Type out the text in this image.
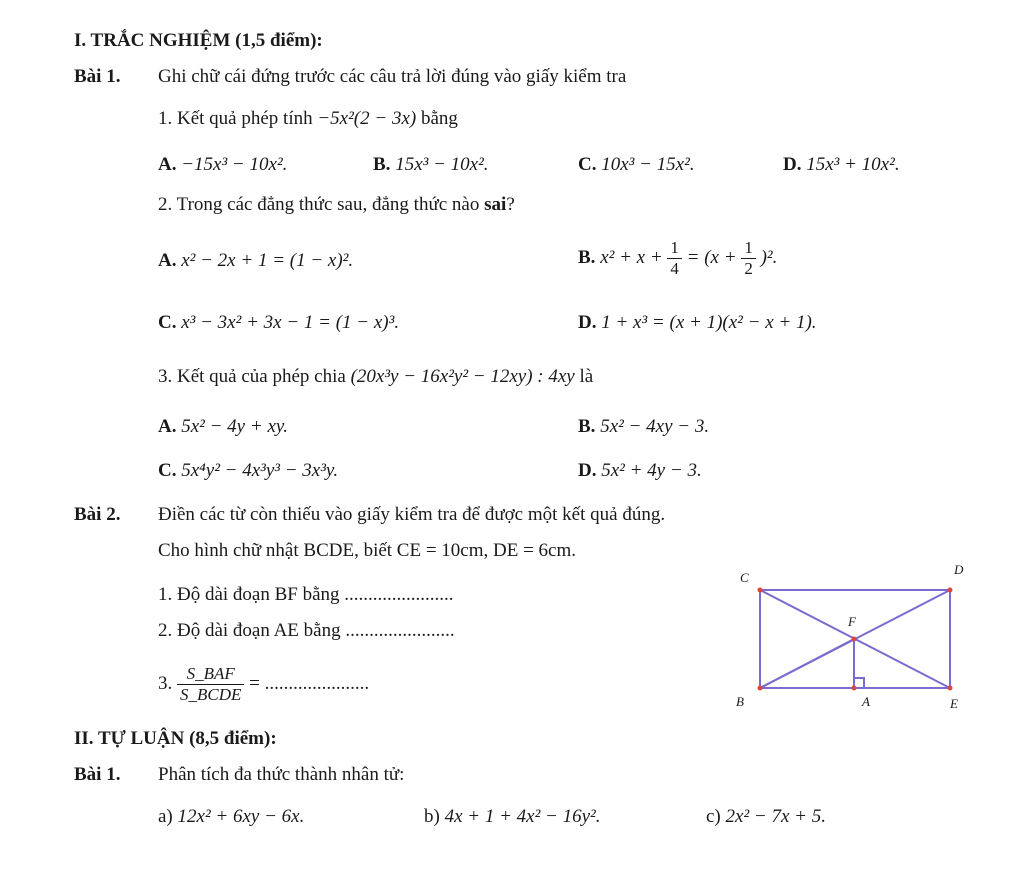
I. TRẮC NGHIỆM (1,5 điểm):
Bài 1. Ghi chữ cái đứng trước các câu trả lời đúng vào giấy kiểm tra
1. Kết quả phép tính −5x²(2 − 3x) bằng
A. −15x³ − 10x².	B. 15x³ − 10x².	C. 10x³ − 15x².	D. 15x³ + 10x².
2. Trong các đẳng thức sau, đẳng thức nào sai?
A. x² − 2x + 1 = (1 − x)².	B. $x^2 + x + \frac{1}{4} = (x + \frac{1}{2} )^2$.
C. x³ − 3x² + 3x − 1 = (1 − x)³.	D. 1 + x³ = (x + 1)(x² − x + 1).
3. Kết quả của phép chia (20x³y − 16x²y² − 12xy) : 4xy là
A. 5x² − 4y + xy.	B. 5x² − 4xy − 3.
C. 5x⁴y² − 4x³y³ − 3x³y.	D. 5x² + 4y − 3.
Bài 2. Điền các từ còn thiếu vào giấy kiểm tra để được một kết quả đúng.
Cho hình chữ nhật BCDE, biết CE = 10cm, DE = 6cm.
1. Độ dài đoạn BF bằng .......................
2. Độ dài đoạn AE bằng .......................
3. $\frac{\text{S\_BAF}}{\text{S\_BCDE}}$ = ......................
C
D
F
B	A	E
II. TỰ LUẬN (8,5 điểm):
Bài 1. Phân tích đa thức thành nhân tử:
a) 12x² + 6xy − 6x.	b) 4x + 1 + 4x² − 16y².	c) 2x² − 7x + 5.
